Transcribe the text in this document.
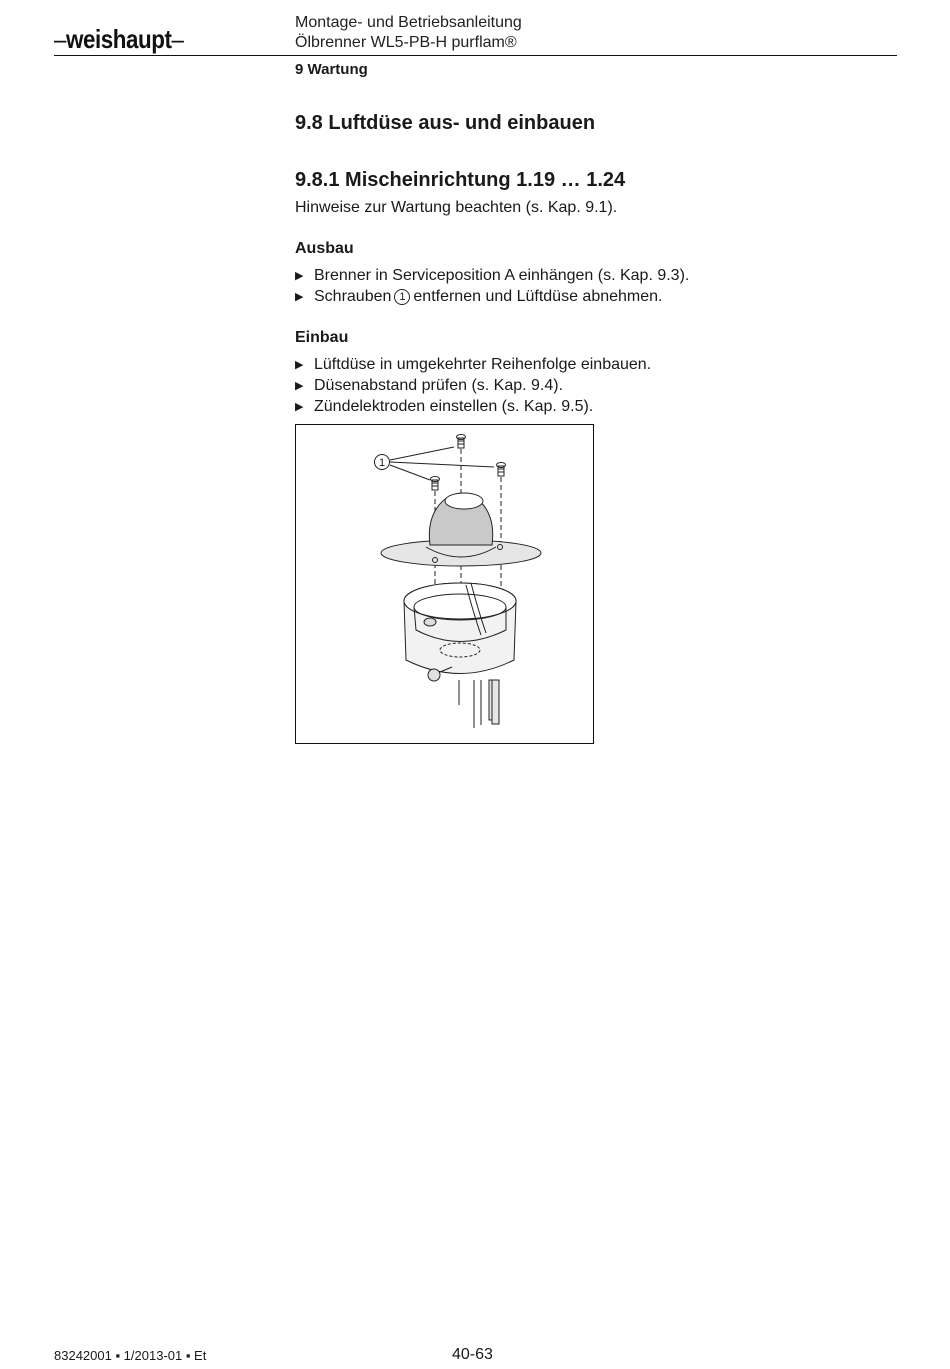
–weishaupt–
Montage- und Betriebsanleitung
Ölbrenner WL5-PB-H purflam®
9 Wartung
9.8 Luftdüse aus- und einbauen
9.8.1 Mischeinrichtung 1.19 … 1.24
Hinweise zur Wartung beachten (s. Kap. 9.1).
Ausbau
▶ Brenner in Serviceposition A einhängen (s. Kap. 9.3).
▶ Schrauben 1 entfernen und Lüftdüse abnehmen.
Einbau
▶ Lüftdüse in umgekehrter Reihenfolge einbauen.
▶ Düsenabstand prüfen (s. Kap. 9.4).
▶ Zündelektroden einstellen (s. Kap. 9.5).
1
83242001 ▪ 1/2013-01 ▪ Et	40-63
